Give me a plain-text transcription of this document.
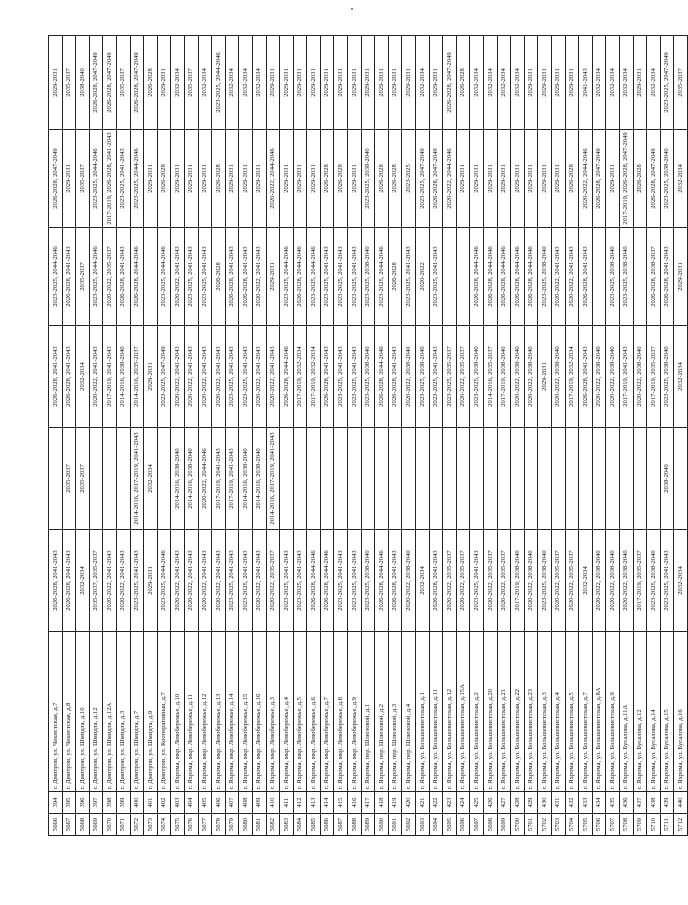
5666	394	г. Дмитров, ул. Чекистская, д.7	2026-2028, 2041-2043		2026-2028, 2041-2043	2023-2025, 2044-2046	2026-2028, 2047-2049	2029-2031
5667	395	г. Дмитров, ул. Чекистская, д.8	2026-2028, 2041-2043	2035-2037	2026-2028, 2041-2043	2026-2028, 2041-2043	2029-2031	2035-2037
5668	396	г. Дмитров, ул. Шмидта, д.10	2032-2034	2035-2037	2032-2034	2035-2037	2035-2037	2038-2040
5669	397	г. Дмитров, ул. Шмидта, д.12	2035-2037, 2035-2037		2020-2022, 2041-2043	2023-2025, 2044-2046	2023-2025, 2044-2046	2026-2028, 2047-2049
5670	398	г. Дмитров, ул. Шмидта, д.12А	2020-2022, 2041-2043		2017-2019, 2041-2043	2020-2022, 2035-2037	2017-2019, 2026-2028, 2041-2043	2026-2028, 2047-2049
5671	399	г. Дмитров, ул. Шмидта, д.3	2020-2022, 2041-2043		2014-2016, 2038-2040	2026-2028, 2041-2043	2023-2025, 2041-2043	2035-2037
5672	400	г. Дмитров, ул. Шмидта, д.7	2023-2025, 2041-2043	2014-2016, 2017-2019, 2041-2043	2014-2016, 2035-2037	2026-2028, 2044-2046	2023-2025, 2044-2046	2026-2028, 2047-2049
5673	401	г. Дмитров, ул. Шмидта, д.9	2029-2031	2032-2034	2029-2031		2029-2031	2026-2028
5674	402	г. Дмитров, ул. Кооперативная, д.7	2023-2025, 2044-2046		2023-2025, 2047-2049	2023-2025, 2044-2046	2026-2028	2029-2031
5675	403	г. Яхрома, мкр. Левобережье, д.10	2020-2022, 2041-2043	2014-2016, 2038-2040	2020-2022, 2041-2043	2020-2022, 2041-2043	2029-2031	2032-2034
5676	404	г. Яхрома, мкр. Левобережье, д.11	2020-2022, 2041-2043	2014-2016, 2038-2040	2020-2022, 2041-2043	2023-2025, 2041-2043	2029-2031	2035-2037
5677	405	г. Яхрома, мкр. Левобережье, д.12	2020-2022, 2041-2043	2020-2022, 2044-2046	2020-2022, 2041-2043	2023-2025, 2041-2043	2029-2031	2032-2034
5678	406	г. Яхрома, мкр. Левобережье, д.13	2020-2022, 2041-2043	2017-2019, 2041-2043	2020-2022, 2041-2043	2026-2028	2026-2028	2023-2025, 2044-2046
5679	407	г. Яхрома, мкр. Левобережье, д.14	2023-2025, 2041-2043	2017-2019, 2041-2043	2023-2025, 2041-2043	2026-2028, 2041-2043	2029-2031	2032-2034
5680	408	г. Яхрома, мкр. Левобережье, д.15	2023-2025, 2041-2043	2014-2016, 2038-2040	2023-2025, 2041-2043	2026-2028, 2041-2043	2029-2031	2032-2034
5681	409	г. Яхрома, мкр. Левобережье, д.16	2020-2022, 2041-2043	2014-2016, 2038-2040	2020-2022, 2041-2043	2020-2022, 2041-2043	2029-2031	2032-2034
5682	410	г. Яхрома, мкр. Левобережье, д.3	2020-2022, 2035-2037	2014-2016, 2017-2019, 2041-2043	2020-2022, 2041-2043	2029-2031	2020-2022, 2044-2046	2029-2031
5683	411	г. Яхрома, мкр. Левобережье, д.4	2023-2025, 2041-2043		2026-2028, 2044-2046	2023-2025, 2044-2046	2029-2031	2029-2031
5684	412	г. Яхрома, мкр. Левобережье, д.5	2023-2025, 2041-2043		2017-2019, 2032-2034	2026-2028, 2044-2046	2029-2031	2029-2031
5685	413	г. Яхрома, мкр. Левобережье, д.6	2026-2028, 2044-2046		2017-2019, 2032-2034	2023-2025, 2044-2046	2029-2031	2029-2031
5686	414	г. Яхрома, мкр. Левобережье, д.7	2026-2028, 2044-2046		2026-2028, 2041-2043	2023-2025, 2041-2043	2026-2028	2029-2031
5687	415	г. Яхрома, мкр. Левобережье, д.8	2023-2025, 2041-2043		2023-2025, 2041-2043	2023-2025, 2041-2043	2026-2028	2029-2031
5688	416	г. Яхрома, мкр. Левобережье, д.9	2023-2025, 2041-2043		2023-2025, 2041-2043	2023-2025, 2041-2043	2029-2031	2029-2031
5689	417	г. Яхрома, пер. Шлюзовой, д.1	2023-2025, 2038-2040		2023-2025, 2038-2040	2023-2025, 2038-2040	2023-2025, 2038-2040	2029-2031
5690	418	г. Яхрома, пер. Шлюзовой, д.2	2026-2028, 2044-2046		2026-2028, 2044-2046	2023-2025, 2044-2046	2026-2028	2029-2031
5691	419	г. Яхрома, пер. Шлюзовой, д.3	2026-2028, 2041-2043		2026-2028, 2041-2043	2026-2028	2026-2028	2029-2031
5692	420	г. Яхрома, пер. Шлюзовой, д.4	2020-2022, 2038-2040		2020-2022, 2038-2040	2023-2025, 2041-2043	2023-2025	2029-2031
5693	421	г. Яхрома, ул. Большевистская, д.1	2032-2034		2023-2025, 2038-2040	2020-2022	2023-2025, 2047-2049	2032-2034
5694	422	г. Яхрома, ул. Большевистская, д.11	2026-2028, 2041-2043		2023-2025, 2041-2043	2023-2025, 2041-2043	2026-2028, 2047-2049	2029-2031
5695	423	г. Яхрома, ул. Большевистская, д.12	2020-2022, 2035-2037		2023-2025, 2035-2037		2020-2022, 2044-2046	2026-2028, 2047-2049
5696	424	г. Яхрома, ул. Большевистская, д.15А	2020-2022, 2035-2037		2020-2022, 2035-2037		2029-2031	2026-2028
5697	425	г. Яхрома, ул. Большевистская, д.2	2023-2025, 2041-2043		2023-2025, 2038-2040	2026-2028, 2044-2046	2029-2031	2032-2034
5698	426	г. Яхрома, ул. Большевистская, д.20	2020-2022, 2035-2037		2014-2016, 2035-2037	2026-2028, 2044-2046	2029-2031	2032-2034
5699	427	г. Яхрома, ул. Большевистская, д.21	2020-2022, 2035-2037		2017-2019, 2038-2040	2026-2028, 2044-2046	2029-2031	2032-2034
5700	428	г. Яхрома, ул. Большевистская, д.22	2017-2019, 2038-2040		2020-2022, 2038-2040	2026-2028, 2044-2046	2029-2031	2032-2034
5701	429	г. Яхрома, ул. Большевистская, д.23	2020-2022, 2038-2040		2020-2022, 2038-2040	2026-2028, 2044-2046	2029-2031	2029-2031
5702	430	г. Яхрома, ул. Большевистская, д.3	2023-2025, 2038-2040		2029-2031	2023-2025, 2038-2040	2029-2031	2029-2031
5703	431	г. Яхрома, ул. Большевистская, д.4	2020-2022, 2035-2037		2020-2022, 2038-2040	2020-2022, 2041-2043	2029-2031	2029-2031
5704	432	г. Яхрома, ул. Большевистская, д.5	2020-2022, 2035-2037		2017-2019, 2032-2034	2020-2022, 2041-2043	2026-2028	2029-2031
5705	433	г. Яхрома, ул. Большевистская, д.7	2032-2034		2026-2028, 2041-2043	2026-2028, 2041-2043	2020-2022, 2044-2046	2041-2043
5706	434	г. Яхрома, ул. Большевистская, д.8А	2020-2022, 2038-2040		2020-2022, 2038-2040		2026-2028, 2047-2049	2032-2034
5707	435	г. Яхрома, ул. Большевистская, д.9	2020-2022, 2038-2040		2020-2022, 2038-2040	2023-2025, 2038-2040	2029-2031	2032-2034
5708	436	г. Яхрома, ул. Бусалова, д.11А	2020-2022, 2038-2040		2017-2019, 2041-2043	2023-2025, 2038-2040	2017-2019, 2026-2028, 2047-2049	2032-2034
5709	437	г. Яхрома, ул. Бусалова, д.12	2017-2019, 2035-2037		2020-2022, 2038-2040		2026-2028	2029-2031
5710	438	г. Яхрома, ул. Бусалова, д.14	2023-2025, 2038-2040		2017-2019, 2035-2037	2026-2028, 2038-2037	2026-2028, 2047-2049	2032-2034
5711	439	г. Яхрома, ул. Бусалова, д.15	2023-2025, 2041-2043	2038-2040	2023-2025, 2038-2040	2026-2028, 2041-2043	2023-2025, 2038-2040	2023-2025, 2047-2049
5712	440	г. Яхрома, ул. Бусалова, д.16	2032-2034		2032-2034	2029-2031	2032-2034	2035-2037
